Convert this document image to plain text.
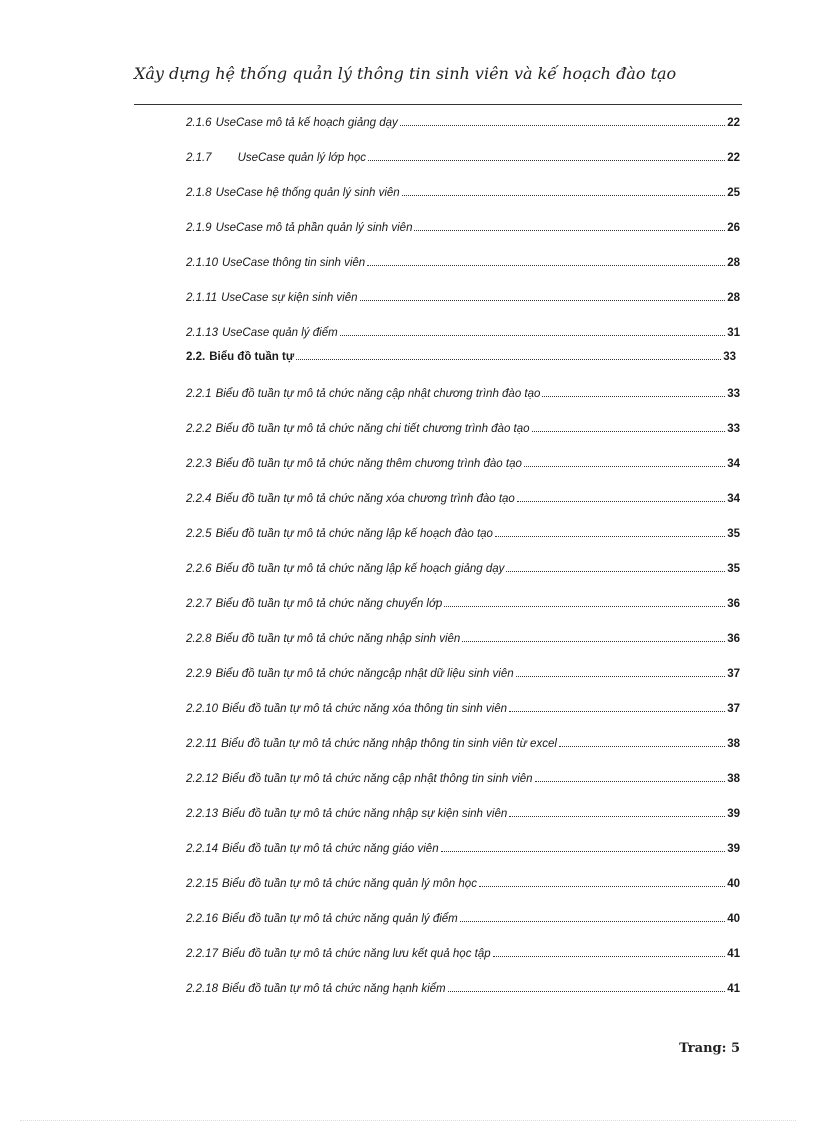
Xây dựng hệ thống quản lý thông tin sinh viên và kế hoạch đào tạo
2.1.6 UseCase mô tả kế hoạch giảng dạy	22
2.1.7	UseCase quản lý lớp học	22
2.1.8 UseCase hệ thống quản lý sinh viên	25
2.1.9 UseCase mô tả phần quản lý sinh viên	26
2.1.10 UseCase thông tin sinh viên	28
2.1.11 UseCase sự kiện sinh viên	28
2.1.13 UseCase quản lý điểm	31
2.2. Biểu đồ tuần tự	33
2.2.1 Biểu đồ tuần tự mô tả chức năng cập nhật chương trình đào tạo	33
2.2.2 Biểu đồ tuần tự mô tả chức năng chi tiết chương trình đào tạo	33
2.2.3 Biểu đồ tuần tự mô tả chức năng thêm chương trình đào tạo	34
2.2.4 Biểu đồ tuần tự mô tả chức năng xóa chương trình đào tạo	34
2.2.5 Biểu đồ tuần tự mô tả chức năng lập kế hoạch đào tạo	35
2.2.6 Biểu đồ tuần tự mô tả chức năng lập kế hoạch giảng dạy	35
2.2.7 Biểu đồ tuần tự mô tả chức năng chuyển lớp	36
2.2.8 Biểu đồ tuần tự mô tả chức năng nhập sinh viên	36
2.2.9 Biểu đồ tuần tự mô tả chức năngcập nhật dữ liệu sinh viên	37
2.2.10 Biểu đồ tuần tự mô tả chức năng xóa thông tin sinh viên	37
2.2.11 Biểu đồ tuần tự mô tả chức năng nhập thông tin sinh viên từ excel	38
2.2.12 Biểu đồ tuần tự mô tả chức năng cập nhật thông tin sinh viên	38
2.2.13 Biểu đồ tuần tự mô tả chức năng nhập sự kiện sinh viên	39
2.2.14 Biểu đồ tuần tự mô tả chức năng giáo viên	39
2.2.15 Biểu đồ tuần tự mô tả chức năng quản lý môn học	40
2.2.16 Biểu đồ tuần tự mô tả chức năng quản lý điểm	40
2.2.17 Biểu đồ tuần tự mô tả chức năng lưu kết quả học tập	41
2.2.18 Biểu đồ tuần tự mô tả chức năng hạnh kiểm	41
Trang: 5
